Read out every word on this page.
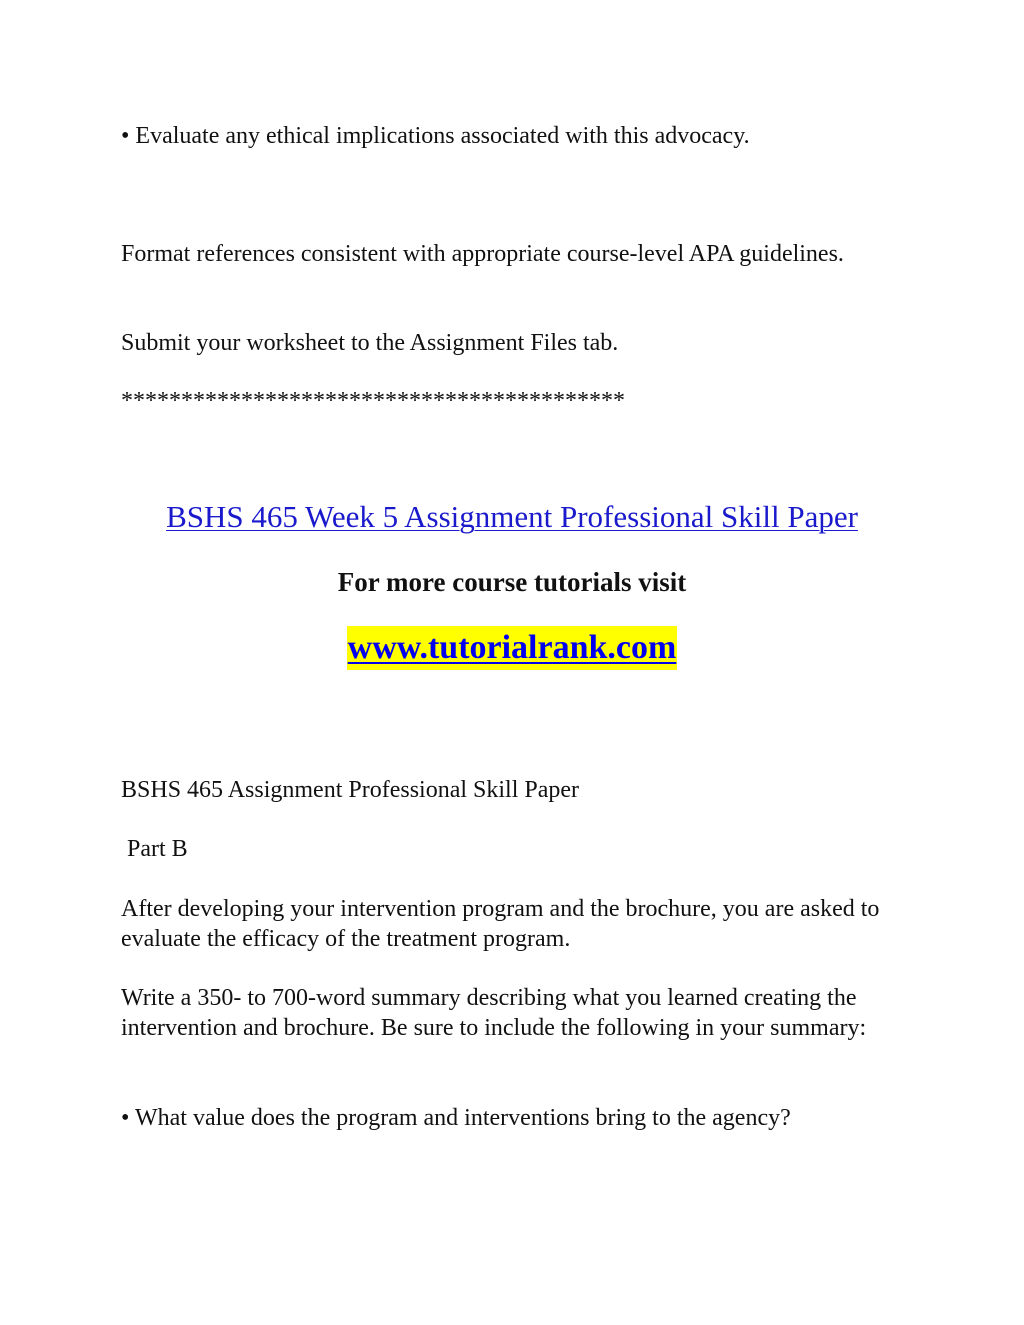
• Evaluate any ethical implications associated with this advocacy.

Format references consistent with appropriate course-level APA guidelines.

Submit your worksheet to the Assignment Files tab.

******************************************

BSHS 465 Week 5 Assignment Professional Skill Paper

For more course tutorials visit

www.tutorialrank.com

BSHS 465 Assignment Professional Skill Paper

Part B

After developing your intervention program and the brochure, you are asked to evaluate the efficacy of the treatment program.

Write a 350- to 700-word summary describing what you learned creating the intervention and brochure. Be sure to include the following in your summary:

• What value does the program and interventions bring to the agency?
